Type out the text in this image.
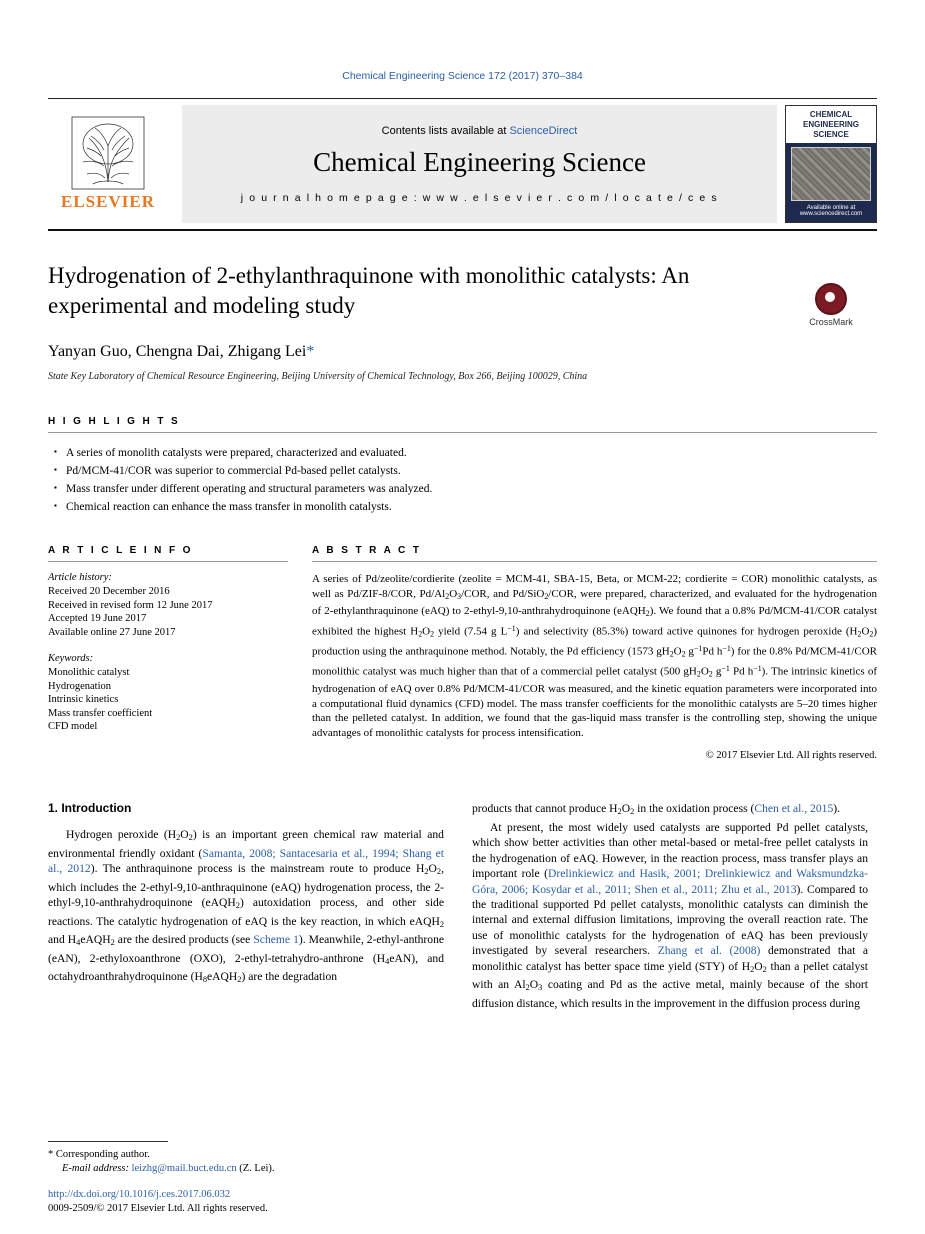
Chemical Engineering Science 172 (2017) 370–384
ELSEVIER
Contents lists available at ScienceDirect
Chemical Engineering Science
j o u r n a l h o m e p a g e : w w w . e l s e v i e r . c o m / l o c a t e / c e s
CHEMICAL ENGINEERING SCIENCE
Available online at www.sciencedirect.com
Hydrogenation of 2-ethylanthraquinone with monolithic catalysts: An experimental and modeling study
CrossMark
Yanyan Guo, Chengna Dai, Zhigang Lei*
State Key Laboratory of Chemical Resource Engineering, Beijing University of Chemical Technology, Box 266, Beijing 100029, China
H I G H L I G H T S
▪ A series of monolith catalysts were prepared, characterized and evaluated.
▪ Pd/MCM-41/COR was superior to commercial Pd-based pellet catalysts.
▪ Mass transfer under different operating and structural parameters was analyzed.
▪ Chemical reaction can enhance the mass transfer in monolith catalysts.
A R T I C L E I N F O
Article history:
Received 20 December 2016
Received in revised form 12 June 2017
Accepted 19 June 2017
Available online 27 June 2017
Keywords:
Monolithic catalyst
Hydrogenation
Intrinsic kinetics
Mass transfer coefficient
CFD model
A B S T R A C T
A series of Pd/zeolite/cordierite (zeolite = MCM-41, SBA-15, Beta, or MCM-22; cordierite = COR) monolithic catalysts, as well as Pd/ZIF-8/COR, $Pd/Al_2O_3$/COR, and Pd/SiO$_2$/COR, were prepared, characterized, and evaluated for the hydrogenation of 2-ethylanthraquinone (eAQ) to 2-ethyl-9,10-anthrahydroquinone (eAQH$_2$). We found that a 0.8% Pd/MCM-41/COR catalyst exhibited the highest $H_2O_2$ yield (7.54 g $L^{-1}$) and selectivity (85.3%) toward active quinones for hydrogen peroxide $(H_2O_2)$ production using the anthraquinone method. Notably, the Pd efficiency (1573 $gH_2O_2$ $g^{-1}Pd$ $h^{-1}$) for the 0.8% Pd/MCM-41/COR monolithic catalyst was much higher than that of a commercial pellet catalyst (500 $gH_2O_2$ $g^{-1}$ Pd $h^{-1}$). The intrinsic kinetics of hydrogenation of eAQ over 0.8% Pd/MCM-41/COR was measured, and the kinetic equation parameters were incorporated into a computational fluid dynamics (CFD) model. The mass transfer coefficients for the monolithic catalysts are 5–20 times higher than the pelleted catalyst. In addition, we found that the gas-liquid mass transfer is the controlling step, showing the unique advantages of monolithic catalysts for process intensification.
© 2017 Elsevier Ltd. All rights reserved.
1. Introduction

Hydrogen peroxide $(H_2O_2)$ is an important green chemical raw material and environmental friendly oxidant (Samanta, 2008; Santacesaria et al., 1994; Shang et al., 2012). The anthraquinone process is the mainstream route to produce $H_2O_2$, which includes the 2-ethyl-9,10-anthraquinone (eAQ) hydrogenation process, the 2-ethyl-9,10-anthrahydroquinone (eAQH$_2$) autoxidation process, and other side reactions. The catalytic hydrogenation of eAQ is the key reaction, in which eAQH$_2$ and $H_4eAQH_2$ are the desired products (see Scheme 1). Meanwhile, 2-ethyl-anthrone (eAN), 2-ethyloxoanthrone (OXO), 2-ethyl-tetrahydro-anthrone $(H_4eAN)$, and octahydroanthrahydroquinone $(H_8eAQH_2)$ are the degradation

products that cannot produce $H_2O_2$ in the oxidation process (Chen et al., 2015).

At present, the most widely used catalysts are supported Pd pellet catalysts, which show better activities than other metal-based or metal-free pellet catalysts in the hydrogenation of eAQ. However, in the reaction process, mass transfer plays an important role (Drelinkiewicz and Hasik, 2001; Drelinkiewicz and Waksmundzka-Góra, 2006; Kosydar et al., 2011; Shen et al., 2011; Zhu et al., 2013). Compared to the traditional supported Pd pellet catalysts, monolithic catalysts can diminish the internal and external diffusion limitations, improving the overall reaction rate. The use of monolithic catalysts for the hydrogenation of eAQ has been previously investigated by several researchers. Zhang et al. (2008) demonstrated that a monolithic catalyst has better space time yield (STY) of $H_2O_2$ than a pellet catalyst with an $Al_2O_3$ coating and Pd as the active metal, mainly because of the short diffusion distance, which results in the improvement in the diffusion process during

* Corresponding author.
E-mail address: leizhg@mail.buct.edu.cn (Z. Lei).
http://dx.doi.org/10.1016/j.ces.2017.06.032
0009-2509/© 2017 Elsevier Ltd. All rights reserved.
